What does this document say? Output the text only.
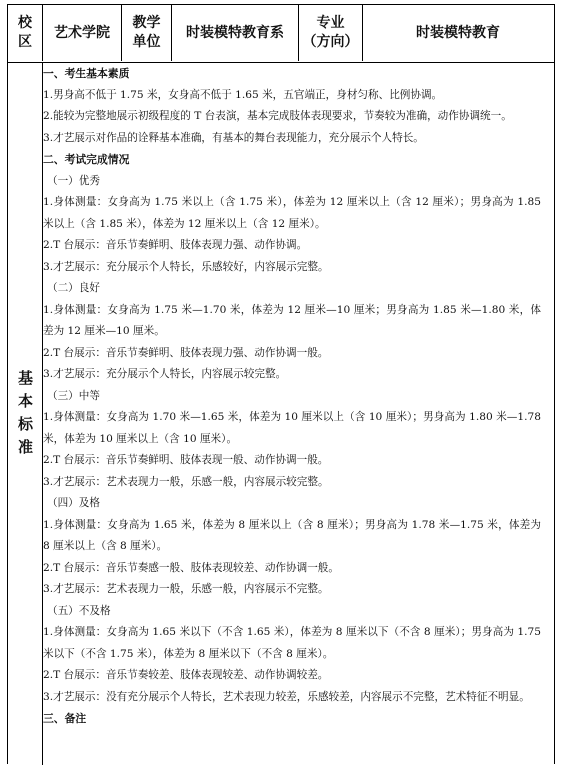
校
区
艺术学院
教学
单位
时装模特教育系
专业
（方向）
时装模特教育
基
本
标
准
一、考生基本素质
1.男身高不低于 1.75 米，女身高不低于 1.65 米，五官端正，身材匀称、比例协调。
2.能较为完整地展示初级程度的 T 台表演，基本完成肢体表现要求，节奏较为准确，动作协调统一。
3.才艺展示对作品的诠释基本准确，有基本的舞台表现能力，充分展示个人特长。
二、考试完成情况
（一）优秀
1.身体测量：女身高为 1.75 米以上（含 1.75 米），体差为 12 厘米以上（含 12 厘米）；男身高为 1.85 米以上（含 1.85 米），体差为 12 厘米以上（含 12 厘米）。
2.T 台展示：音乐节奏鲜明、肢体表现力强、动作协调。
3.才艺展示：充分展示个人特长，乐感较好，内容展示完整。
（二）良好
1.身体测量：女身高为 1.75 米—1.70 米，体差为 12 厘米—10 厘米；男身高为 1.85 米—1.80 米，体差为 12 厘米—10 厘米。
2.T 台展示：音乐节奏鲜明、肢体表现力强、动作协调一般。
3.才艺展示：充分展示个人特长，内容展示较完整。
（三）中等
1.身体测量：女身高为 1.70 米—1.65 米，体差为 10 厘米以上（含 10 厘米）；男身高为 1.80 米—1.78 米，体差为 10 厘米以上（含 10 厘米）。
2.T 台展示：音乐节奏鲜明、肢体表现一般、动作协调一般。
3.才艺展示：艺术表现力一般，乐感一般，内容展示较完整。
（四）及格
1.身体测量：女身高为 1.65 米，体差为 8 厘米以上（含 8 厘米）；男身高为 1.78 米—1.75 米，体差为 8 厘米以上（含 8 厘米）。
2.T 台展示：音乐节奏感一般、肢体表现较差、动作协调一般。
3.才艺展示：艺术表现力一般，乐感一般，内容展示不完整。
（五）不及格
1.身体测量：女身高为 1.65 米以下（不含 1.65 米），体差为 8 厘米以下（不含 8 厘米）；男身高为 1.75 米以下（不含 1.75 米），体差为 8 厘米以下（不含 8 厘米）。
2.T 台展示：音乐节奏较差、肢体表现较差、动作协调较差。
3.才艺展示：没有充分展示个人特长，艺术表现力较差，乐感较差，内容展示不完整，艺术特征不明显。
三、备注
